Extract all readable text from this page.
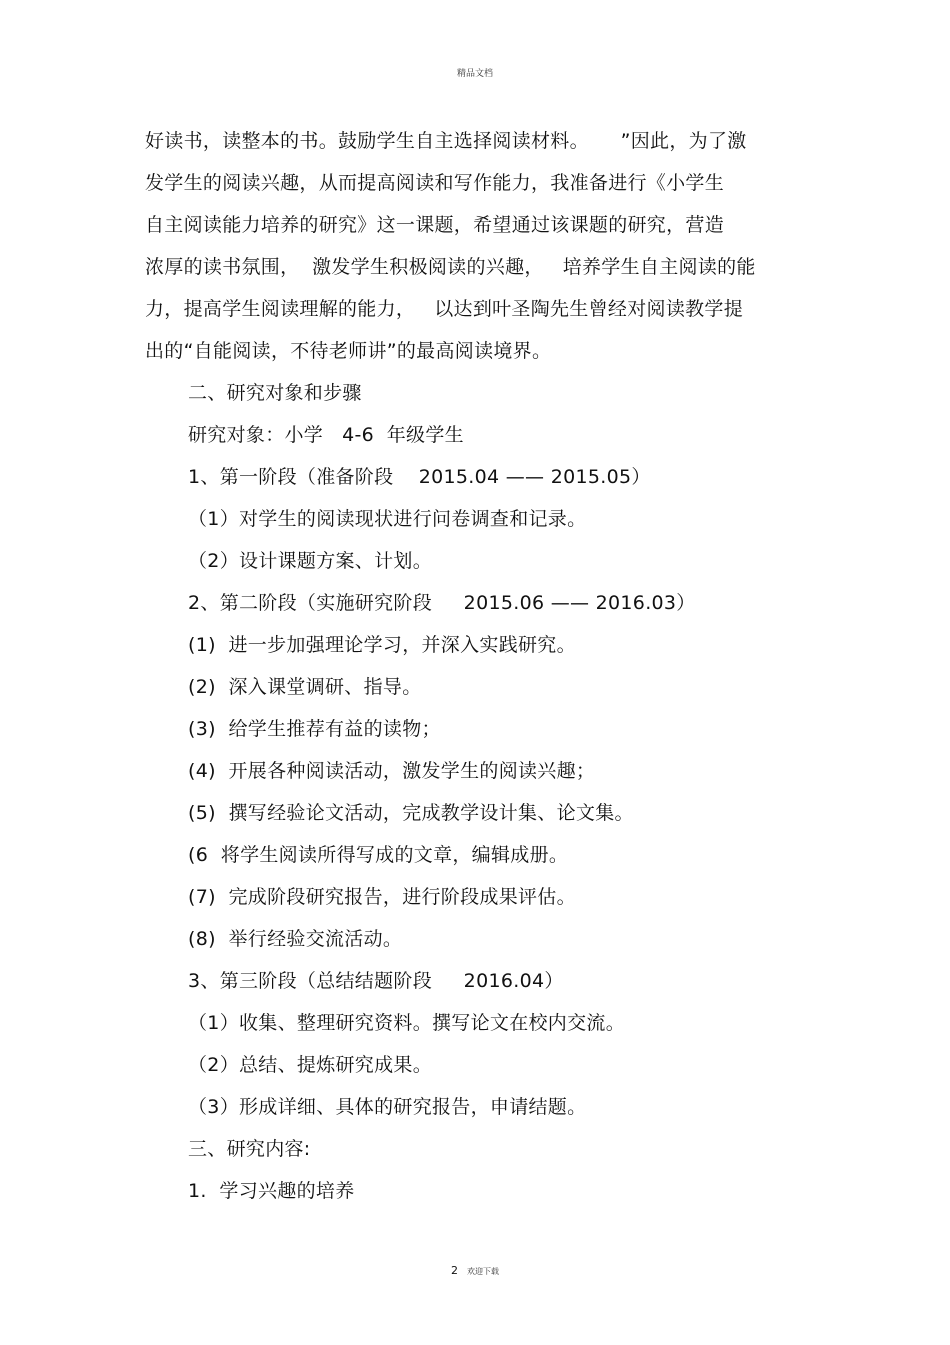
精品文档
好读书，读整本的书。鼓励学生自主选择阅读材料。     ”因此，为了激
发学生的阅读兴趣，从而提高阅读和写作能力，我准备进行《小学生
自主阅读能力培养的研究》这一课题，希望通过该课题的研究，营造
浓厚的读书氛围，  激发学生积极阅读的兴趣，   培养学生自主阅读的能
力，提高学生阅读理解的能力，   以达到叶圣陶先生曾经对阅读教学提
出的“自能阅读，不待老师讲”的最高阅读境界。
二、研究对象和步骤
研究对象：小学   4-6  年级学生
1、第一阶段（准备阶段    2015.04 —— 2015.05）
（1）对学生的阅读现状进行问卷调查和记录。
（2）设计课题方案、计划。
2、第二阶段（实施研究阶段     2015.06 —— 2016.03）
(1)  进一步加强理论学习，并深入实践研究。
(2)  深入课堂调研、指导。
(3)  给学生推荐有益的读物；
(4)  开展各种阅读活动，激发学生的阅读兴趣；
(5)  撰写经验论文活动，完成教学设计集、论文集。
(6  将学生阅读所得写成的文章，编辑成册。
(7)  完成阶段研究报告，进行阶段成果评估。
(8)  举行经验交流活动。
3、第三阶段（总结结题阶段     2016.04）
（1）收集、整理研究资料。撰写论文在校内交流。
（2）总结、提炼研究成果。
（3）形成详细、具体的研究报告，申请结题。
三、研究内容:
1.  学习兴趣的培养
2 欢迎下载
